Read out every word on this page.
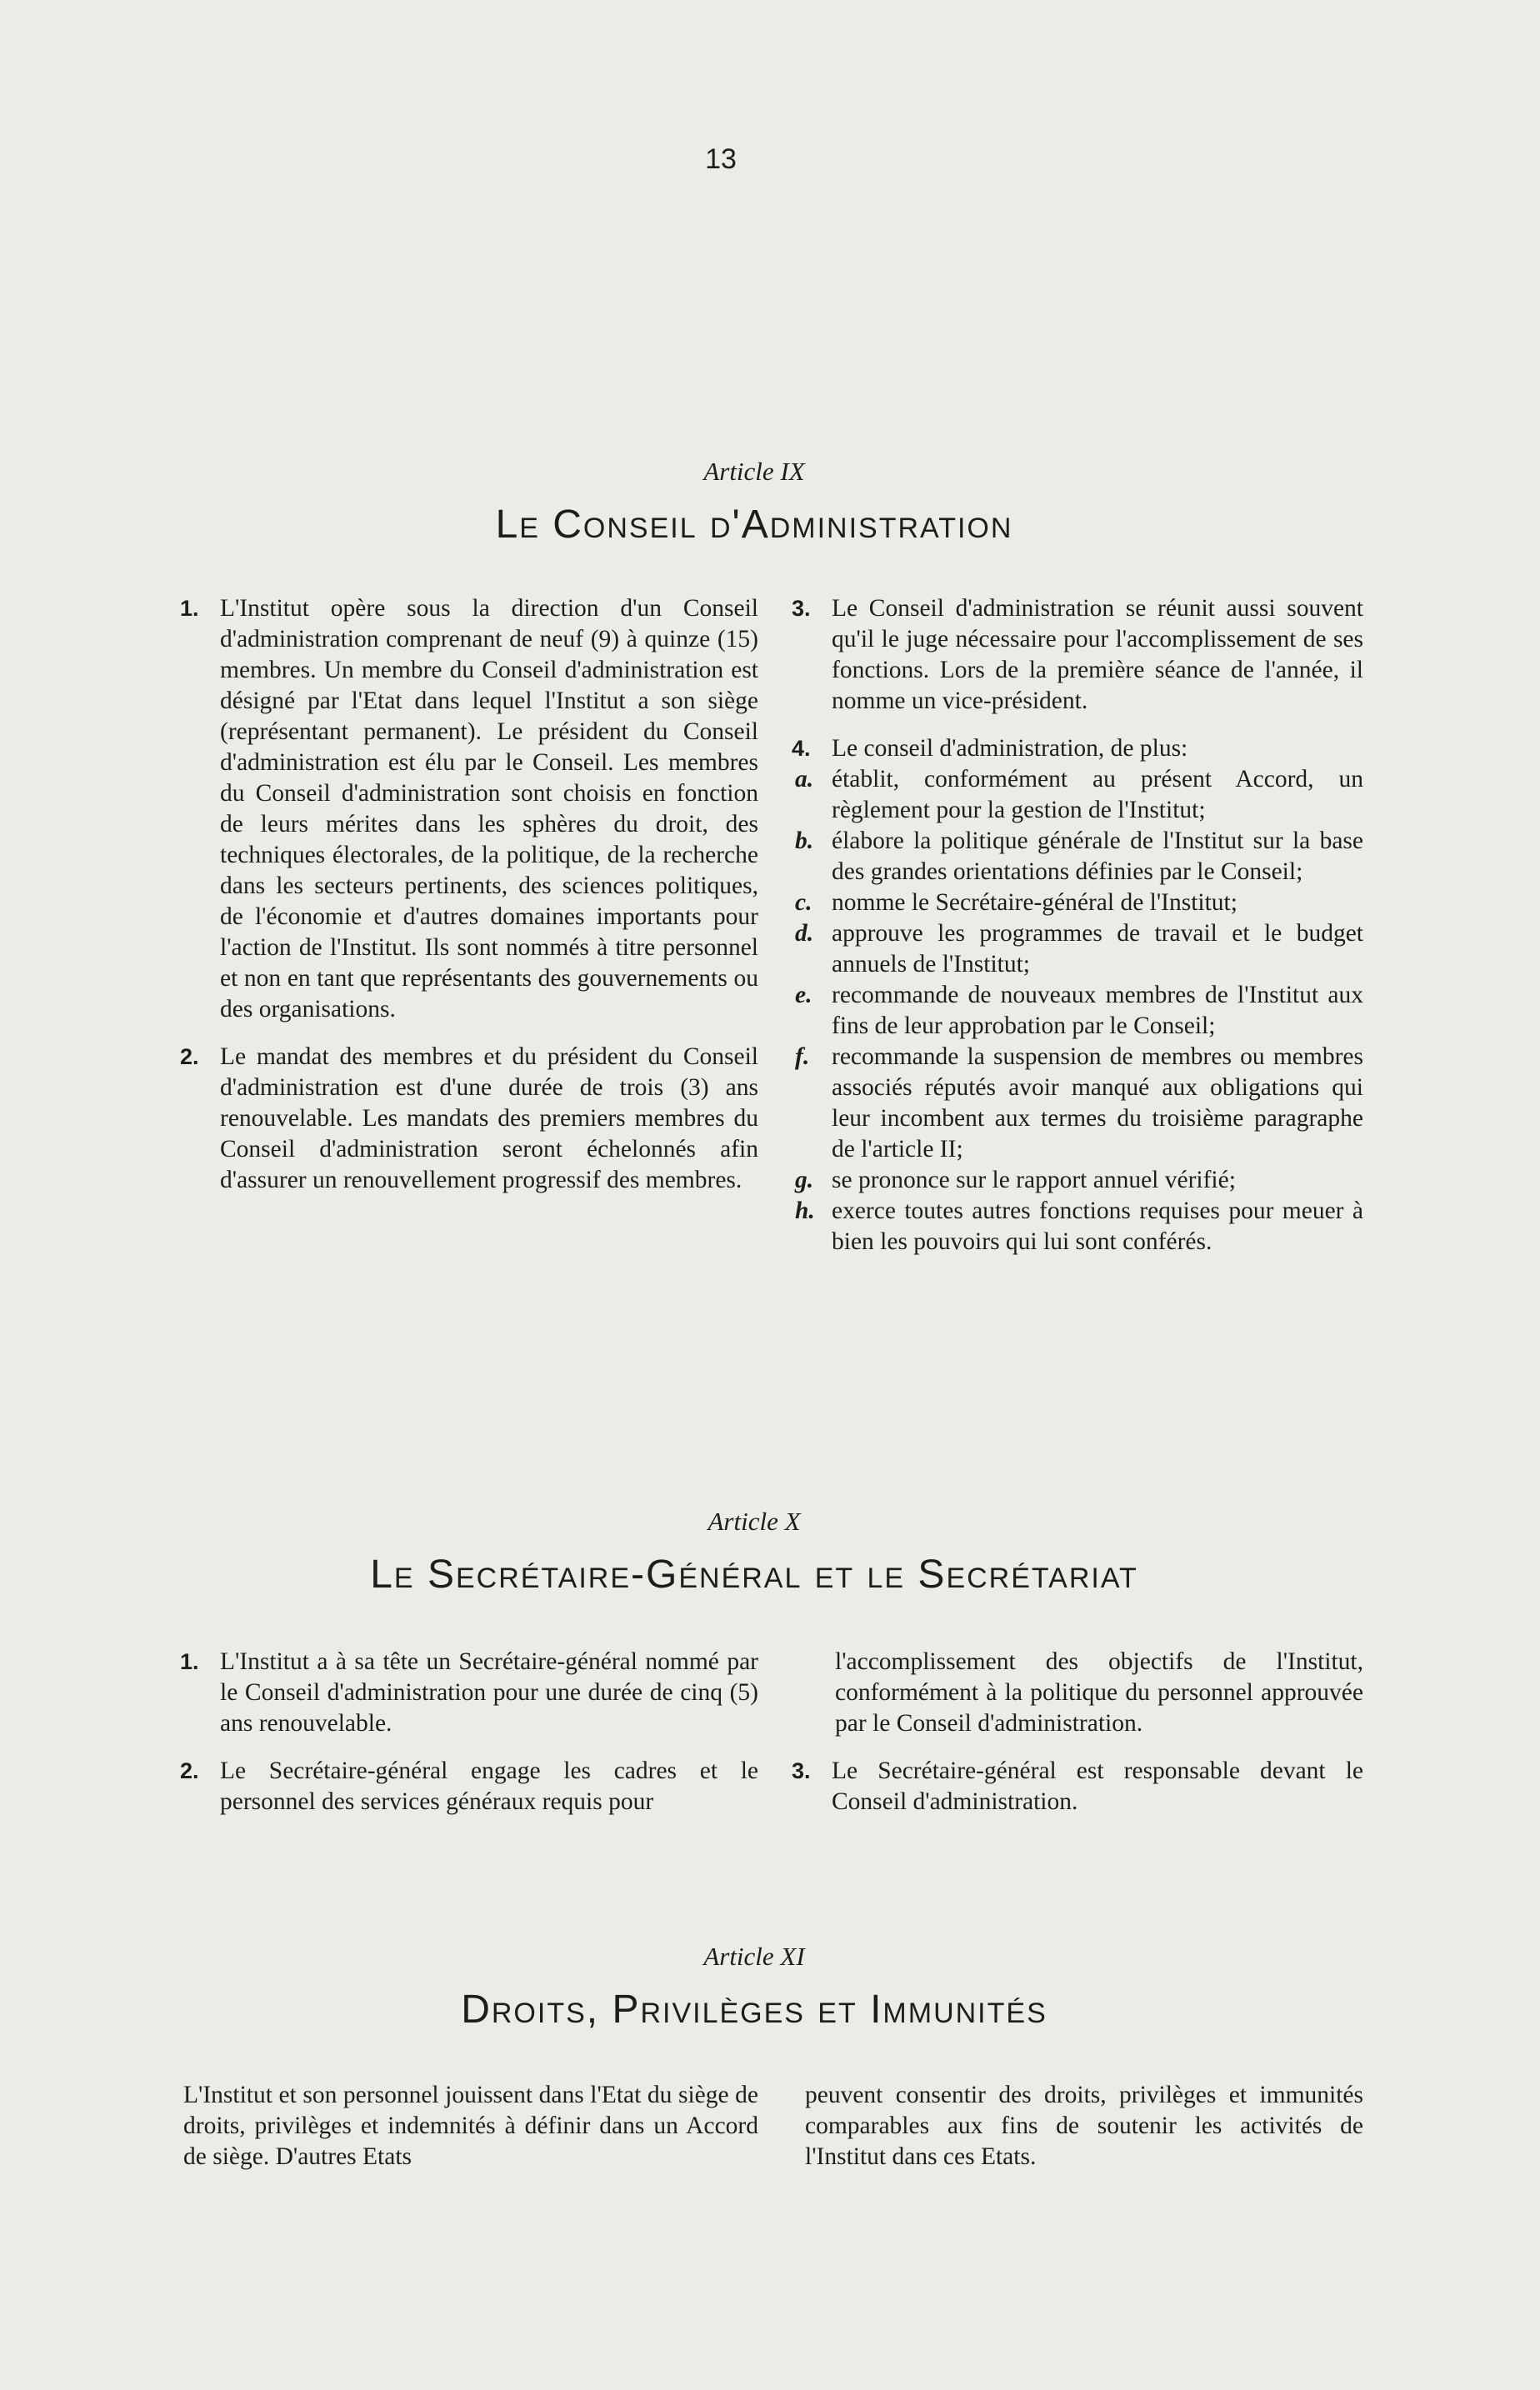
13
Article IX
Le Conseil d'Administration
1. L'Institut opère sous la direction d'un Conseil d'administration comprenant de neuf (9) à quinze (15) membres. Un membre du Conseil d'administration est désigné par l'Etat dans lequel l'Institut a son siège (représentant permanent). Le président du Conseil d'administration est élu par le Conseil. Les membres du Conseil d'administration sont choisis en fonction de leurs mérites dans les sphères du droit, des techniques électorales, de la politique, de la recherche dans les secteurs pertinents, des sciences politiques, de l'économie et d'autres domaines importants pour l'action de l'Institut. Ils sont nommés à titre personnel et non en tant que représentants des gouvernements ou des organisations.
2. Le mandat des membres et du président du Conseil d'administration est d'une durée de trois (3) ans renouvelable. Les mandats des premiers membres du Conseil d'administration seront échelonnés afin d'assurer un renouvellement progressif des membres.
3. Le Conseil d'administration se réunit aussi souvent qu'il le juge nécessaire pour l'accomplissement de ses fonctions. Lors de la première séance de l'année, il nomme un vice-président.
4. Le conseil d'administration, de plus:
a. établit, conformément au présent Accord, un règlement pour la gestion de l'Institut;
b. élabore la politique générale de l'Institut sur la base des grandes orientations définies par le Conseil;
c. nomme le Secrétaire-général de l'Institut;
d. approuve les programmes de travail et le budget annuels de l'Institut;
e. recommande de nouveaux membres de l'Institut aux fins de leur approbation par le Conseil;
f. recommande la suspension de membres ou membres associés réputés avoir manqué aux obligations qui leur incombent aux termes du troisième paragraphe de l'article II;
g. se prononce sur le rapport annuel vérifié;
h. exerce toutes autres fonctions requises pour meuer à bien les pouvoirs qui lui sont conférés.
Article X
Le Secrétaire-Général et le Secrétariat
1. L'Institut a à sa tête un Secrétaire-général nommé par le Conseil d'administration pour une durée de cinq (5) ans renouvelable.
2. Le Secrétaire-général engage les cadres et le personnel des services généraux requis pour
l'accomplissement des objectifs de l'Institut, conformément à la politique du personnel approuvée par le Conseil d'administration.
3. Le Secrétaire-général est responsable devant le Conseil d'administration.
Article XI
Droits, Privilèges et Immunités
L'Institut et son personnel jouissent dans l'Etat du siège de droits, privilèges et indemnités à définir dans un Accord de siège. D'autres Etats
peuvent consentir des droits, privilèges et immunités comparables aux fins de soutenir les activités de l'Institut dans ces Etats.
